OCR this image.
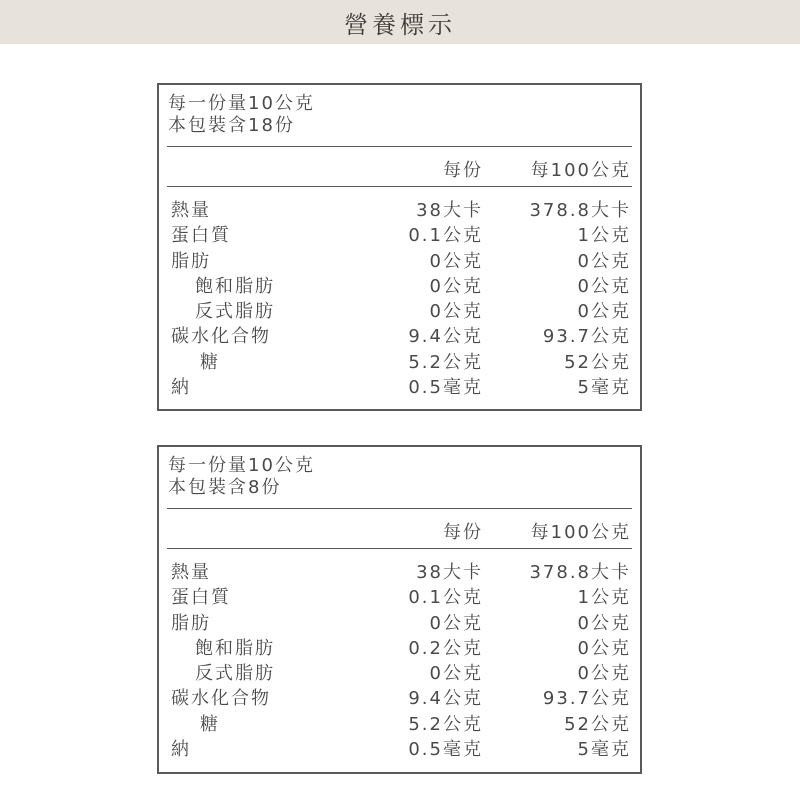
營養標示
每一份量10公克
本包裝含18份
每份	每100公克
熱量	38大卡	378.8大卡
蛋白質	0.1公克	1公克
脂肪	0公克	0公克
飽和脂肪	0公克	0公克
反式脂肪	0公克	0公克
碳水化合物	9.4公克	93.7公克
糖	5.2公克	52公克
納	0.5毫克	5毫克
每一份量10公克
本包裝含8份
每份	每100公克
熱量	38大卡	378.8大卡
蛋白質	0.1公克	1公克
脂肪	0公克	0公克
飽和脂肪	0.2公克	0公克
反式脂肪	0公克	0公克
碳水化合物	9.4公克	93.7公克
糖	5.2公克	52公克
納	0.5毫克	5毫克
